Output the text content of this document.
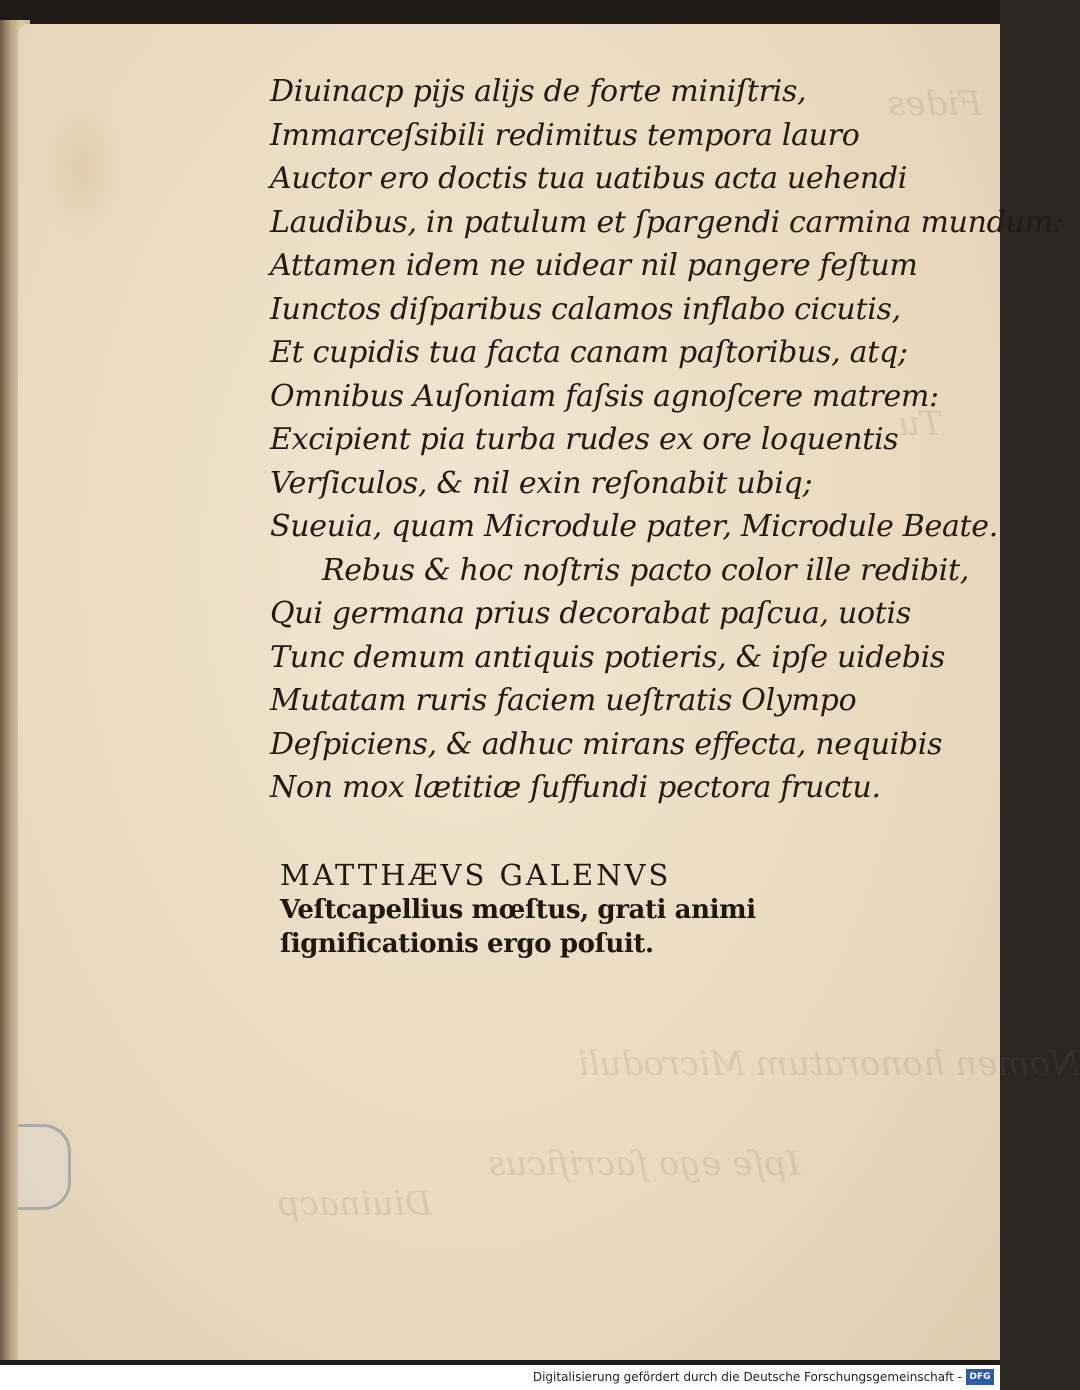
Fides
Tu
Nomen honoratum Microduli
Ipſe ego ſacrificus
Diuinacp
Diuinacp pijs alijs de forte miniſtris,
Immarceſsibili redimitus tempora lauro
Auctor ero doctis tua uatibus acta uehendi
Laudibus, in patulum et ſpargendi carmina mundum:
Attamen idem ne uidear nil pangere feſtum
Iunctos diſparibus calamos inflabo cicutis,
Et cupidis tua facta canam paſtoribus, atq;
Omnibus Auſoniam faſsis agnoſcere matrem:
Excipient pia turba rudes ex ore loquentis
Verſiculos, & nil exin reſonabit ubiq;
Sueuia, quam Microdule pater, Microdule Beate.
Rebus & hoc noſtris pacto color ille redibit,
Qui germana prius decorabat paſcua, uotis
Tunc demum antiquis potieris, & ipſe uidebis
Mutatam ruris faciem ueſtratis Olympo
Deſpiciens, & adhuc mirans effecta, nequibis
Non mox lætitiæ ſuffundi pectora fructu.
MATTHÆVS GALENVS
Veſtcapellius mœſtus, grati animi
ſignificationis ergo poſuit.
Digitalisierung gefördert durch die Deutsche Forschungsgemeinschaft - DFG
